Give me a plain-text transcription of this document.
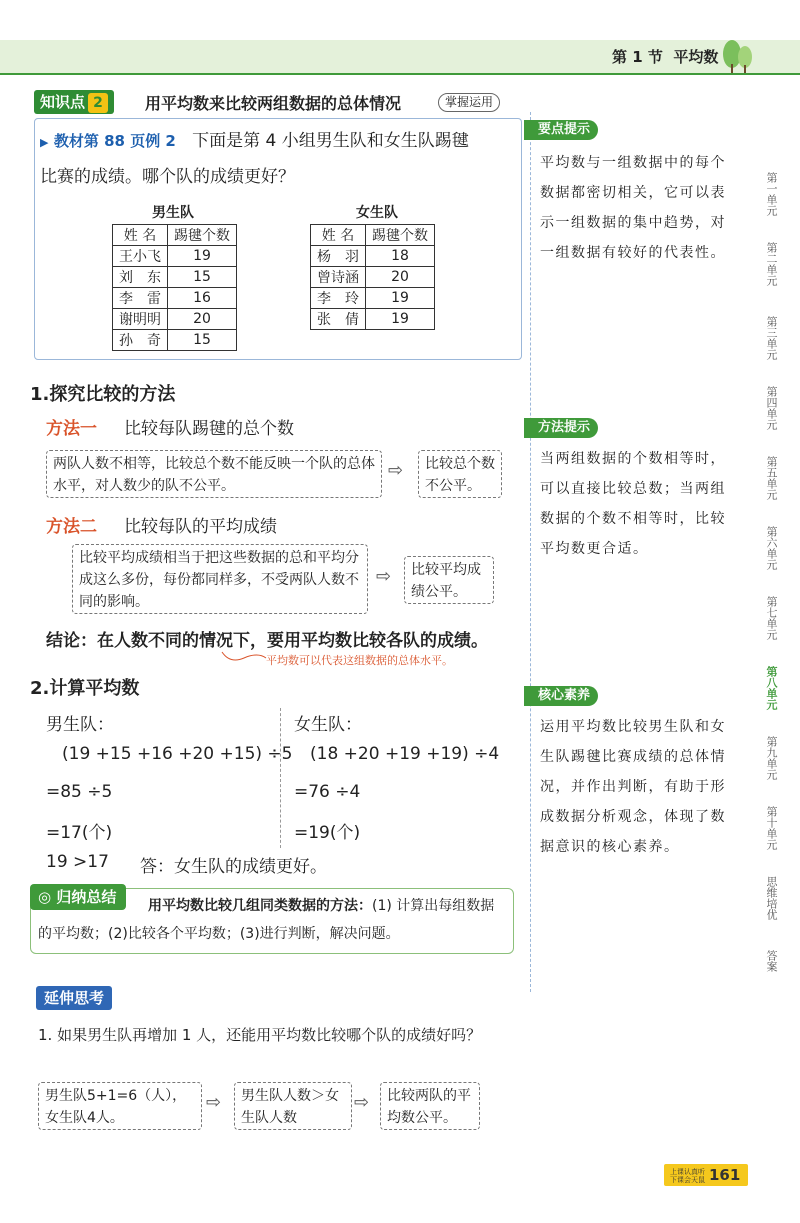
第 1 节 平均数
知识点 2	用平均数来比较两组数据的总体情况	掌握运用
▶ 教材第 88 页例 2 下面是第 4 小组男生队和女生队踢毽
比赛的成绩。哪个队的成绩更好？
男生队
姓 名	踢毽个数
王小飞	19
刘　东	15
李　雷	16
谢明明	20
孙　奇	15
女生队
姓 名	踢毽个数
杨　羽	18
曾诗涵	20
李　玲	19
张　倩	19
要点提示
平均数与一组数据中的每个数据都密切相关，它可以表示一组数据的集中趋势，对一组数据有较好的代表性。
方法提示
当两组数据的个数相等时，可以直接比较总数；当两组数据的个数不相等时，比较平均数更合适。
核心素养
运用平均数比较男生队和女生队踢毽比赛成绩的总体情况，并作出判断，有助于形成数据分析观念，体现了数据意识的核心素养。
1.探究比较的方法
方法一 比较每队踢毽的总个数
两队人数不相等，比较总个数不能反映一个队的总体水平，对人数少的队不公平。
⇨	比较总个数不公平。
方法二 比较每队的平均成绩
比较平均成绩相当于把这些数据的总和平均分成这么多份，每份都同样多，不受两队人数不同的影响。
⇨	比较平均成绩公平。
结论：在人数不同的情况下，要用平均数比较各队的成绩。
平均数可以代表这组数据的总体水平。
2.计算平均数
男生队：
(19 +15 +16 +20 +15) ÷5
=85 ÷5
=17(个)
女生队：
(18 +20 +19 +19) ÷4
=76 ÷4
=19(个)
19 >17 答：女生队的成绩更好。
用平均数比较几组同类数据的方法：(1) 计算出每组数据的平均数；(2)比较各个平均数；(3)进行判断，解决问题。
◎ 归纳总结
延伸思考
1. 如果男生队再增加 1 人，还能用平均数比较哪个队的成绩好吗？
男生队5+1=6（人），女生队4人。
⇨	男生队人数＞女生队人数
⇨	比较两队的平均数公平。
第一单元
第二单元
第三单元
第四单元
第五单元
第六单元
第七单元
第八单元
第九单元
第十单元
思维培优
答案
上课认真听
下课会天鼠 161
